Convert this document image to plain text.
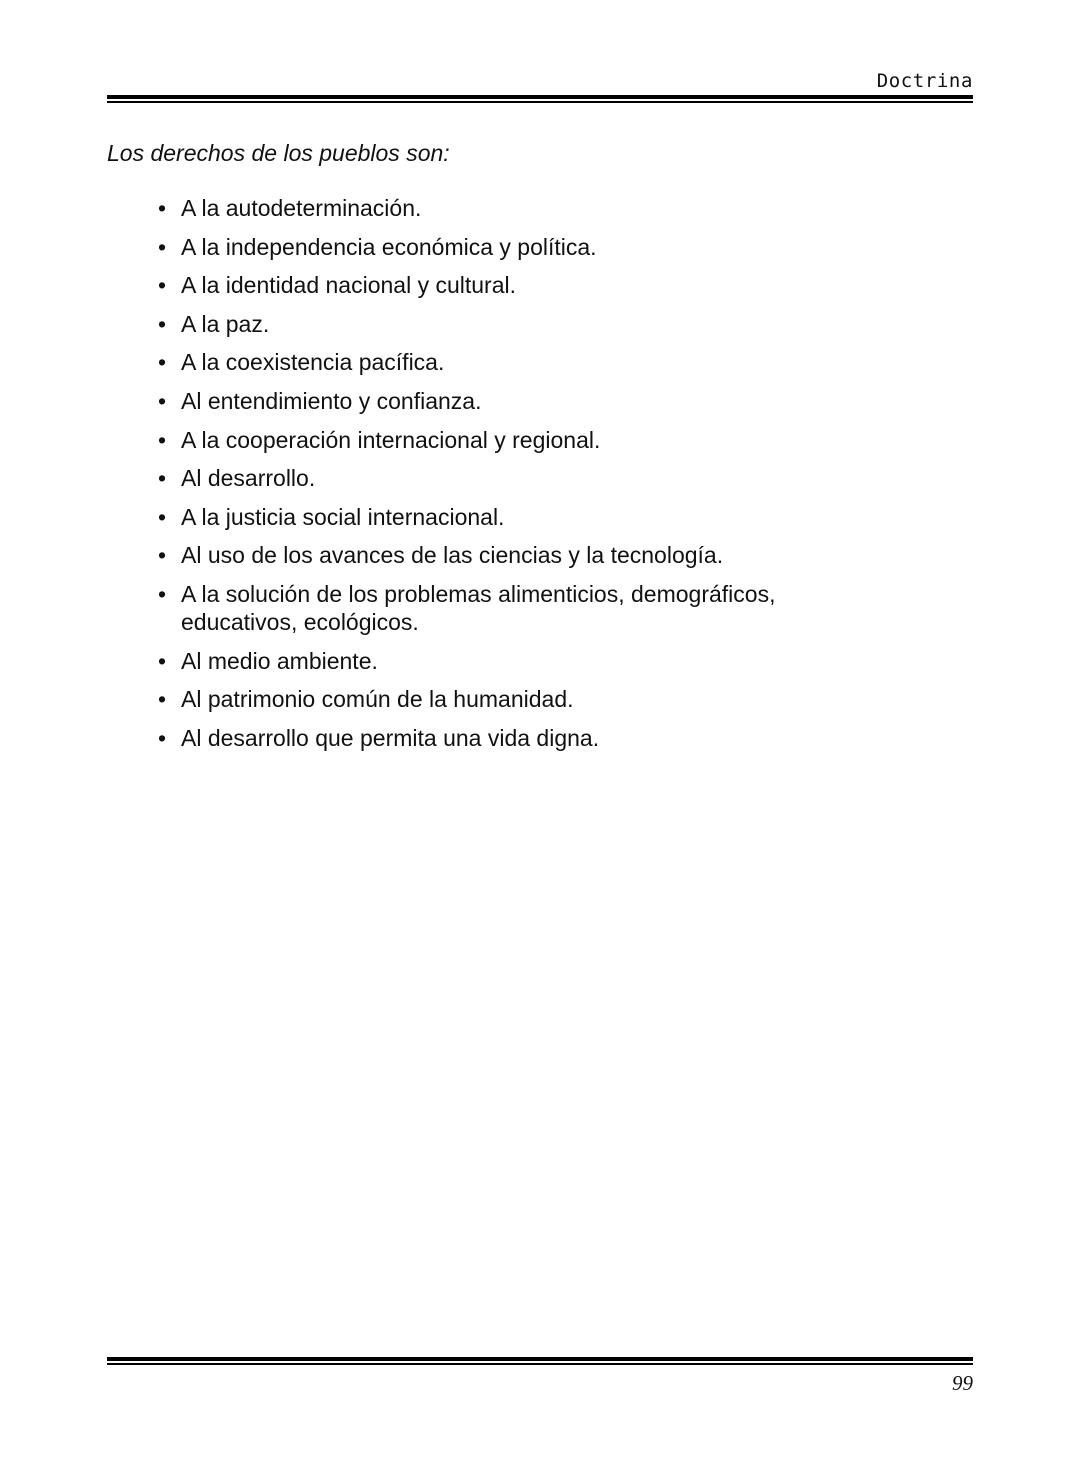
Doctrina

Los derechos de los pueblos son:

• A la autodeterminación.
• A la independencia económica y política.
• A la identidad nacional y cultural.
• A la paz.
• A la coexistencia pacífica.
• Al entendimiento y confianza.
• A la cooperación internacional y regional.
• Al desarrollo.
• A la justicia social internacional.
• Al uso de los avances de las ciencias y la tecnología.
• A la solución de los problemas alimenticios, demográficos, educativos, ecológicos.
• Al medio ambiente.
• Al patrimonio común de la humanidad.
• Al desarrollo que permita una vida digna.
99
